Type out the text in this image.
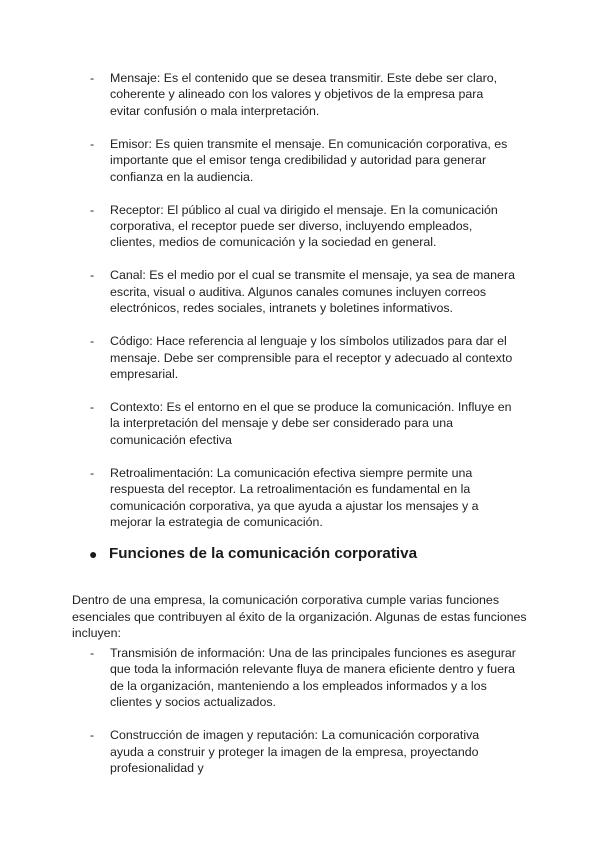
- Mensaje: Es el contenido que se desea transmitir. Este debe ser claro, coherente y alineado con los valores y objetivos de la empresa para evitar confusión o mala interpretación.
- Emisor: Es quien transmite el mensaje. En comunicación corporativa, es importante que el emisor tenga credibilidad y autoridad para generar confianza en la audiencia.
- Receptor: El público al cual va dirigido el mensaje. En la comunicación corporativa, el receptor puede ser diverso, incluyendo empleados, clientes, medios de comunicación y la sociedad en general.
- Canal: Es el medio por el cual se transmite el mensaje, ya sea de manera escrita, visual o auditiva. Algunos canales comunes incluyen correos electrónicos, redes sociales, intranets y boletines informativos.
- Código: Hace referencia al lenguaje y los símbolos utilizados para dar el mensaje. Debe ser comprensible para el receptor y adecuado al contexto empresarial.
- Contexto: Es el entorno en el que se produce la comunicación. Influye en la interpretación del mensaje y debe ser considerado para una comunicación efectiva
- Retroalimentación: La comunicación efectiva siempre permite una respuesta del receptor. La retroalimentación es fundamental en la comunicación corporativa, ya que ayuda a ajustar los mensajes y a mejorar la estrategia de comunicación.
● Funciones de la comunicación corporativa

Dentro de una empresa, la comunicación corporativa cumple varias funciones esenciales que contribuyen al éxito de la organización. Algunas de estas funciones incluyen:

- Transmisión de información: Una de las principales funciones es asegurar que toda la información relevante fluya de manera eficiente dentro y fuera de la organización, manteniendo a los empleados informados y a los clientes y socios actualizados.
- Construcción de imagen y reputación: La comunicación corporativa ayuda a construir y proteger la imagen de la empresa, proyectando profesionalidad y
